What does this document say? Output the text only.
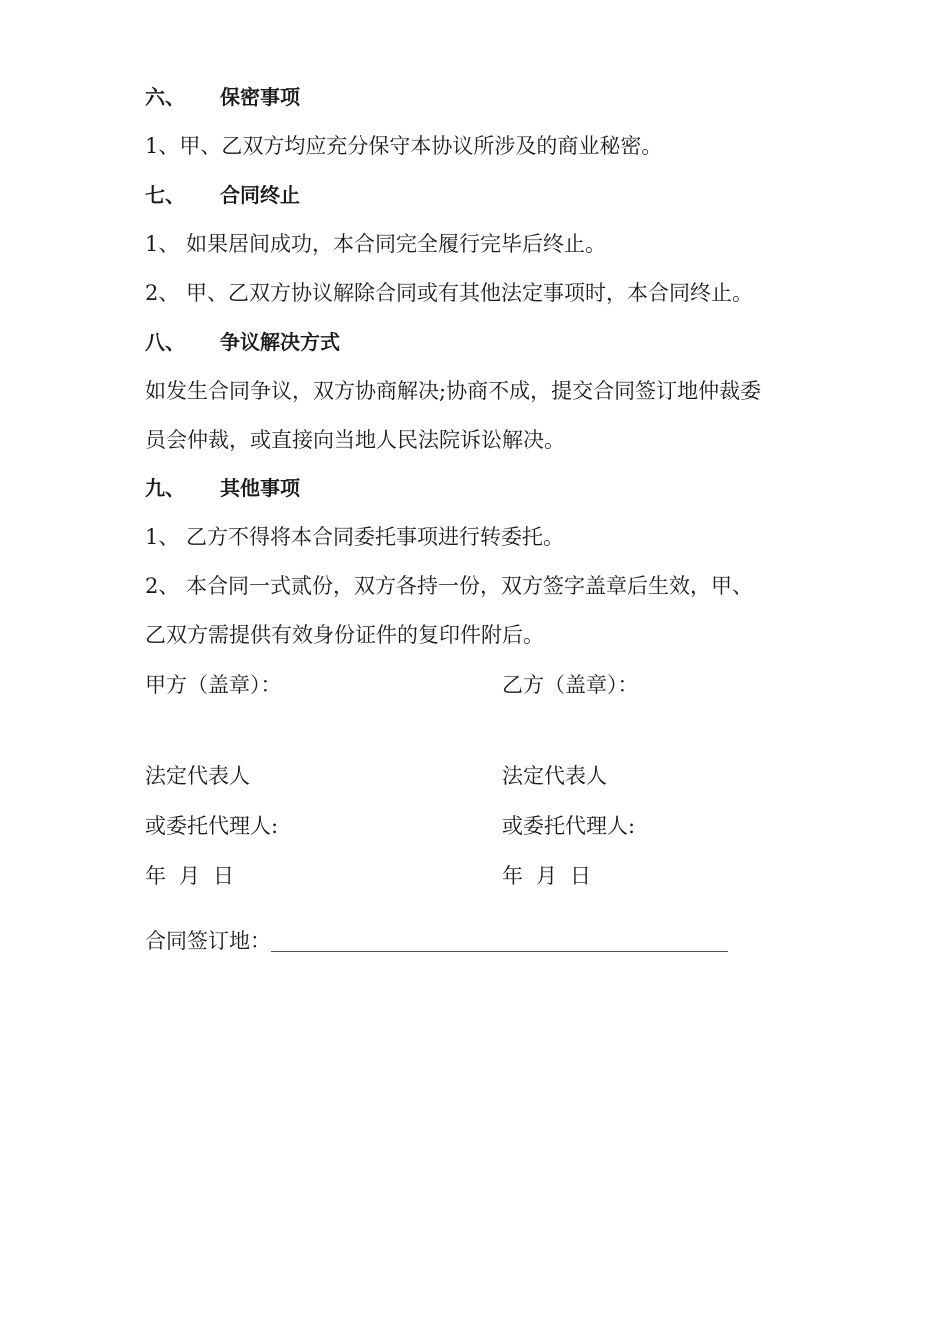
六、 保密事项
1、甲、乙双方均应充分保守本协议所涉及的商业秘密。
七、 合同终止
1、 如果居间成功，本合同完全履行完毕后终止。
2、 甲、乙双方协议解除合同或有其他法定事项时，本合同终止。
八、 争议解决方式
如发生合同争议，双方协商解决;协商不成，提交合同签订地仲裁委
员会仲裁，或直接向当地人民法院诉讼解决。
九、 其他事项
1、 乙方不得将本合同委托事项进行转委托。
2、 本合同一式贰份，双方各持一份，双方签字盖章后生效，甲、
乙双方需提供有效身份证件的复印件附后。
甲方（盖章）：
法定代表人
或委托代理人:
年 月 日
乙方（盖章）：
法定代表人
或委托代理人:
年 月 日
合同签订地：
